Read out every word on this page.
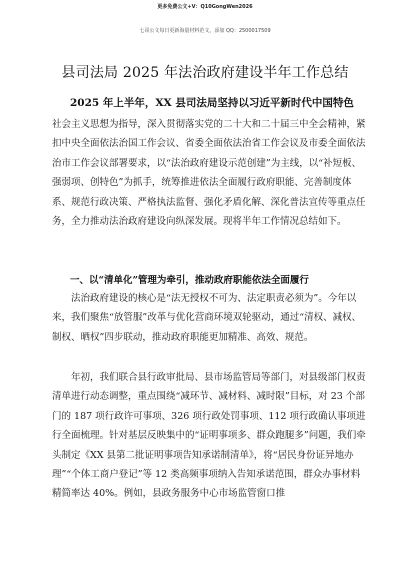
更多免费公文+V：Q10GongWen2026
七哥公文每日更新海量材料范文，添加 QQ：2500017509
县司法局 2025 年法治政府建设半年工作总结
2025 年上半年，XX 县司法局坚持以习近平新时代中国特色

社会主义思想为指导，深入贯彻落实党的二十大和二十届三中全会精神，紧扣中央全面依法治国工作会议、省委全面依法治省工作会议及市委全面依法治市工作会议部署要求，以“法治政府建设示范创建”为主线，以“补短板、强弱项、创特色”为抓手，统筹推进依法全面履行政府职能、完善制度体系、规范行政决策、严格执法监督、强化矛盾化解、深化普法宣传等重点任务，全力推动法治政府建设向纵深发展。现将半年工作情况总结如下。

一、以“清单化”管理为牵引，推动政府职能依法全面履行

法治政府建设的核心是“法无授权不可为、法定职责必须为”。今年以来，我们聚焦“放管服”改革与优化营商环境双轮驱动，通过“清权、减权、制权、晒权”四步联动，推动政府职能更加精准、高效、规范。

年初，我们联合县行政审批局、县市场监管局等部门，对县级部门权责清单进行动态调整，重点围绕“减环节、减材料、减时限”目标，对 23 个部门的 187 项行政许可事项、326 项行政处罚事项、112 项行政确认事项进行全面梳理。针对基层反映集中的“证明事项多、群众跑腿多”问题，我们牵头制定《XX 县第二批证明事项告知承诺制清单》，将“居民身份证异地办理”“个体工商户登记”等 12 类高频事项纳入告知承诺范围，群众办事材料精简率达 40%。例如，县政务服务中心市场监管窗口推
